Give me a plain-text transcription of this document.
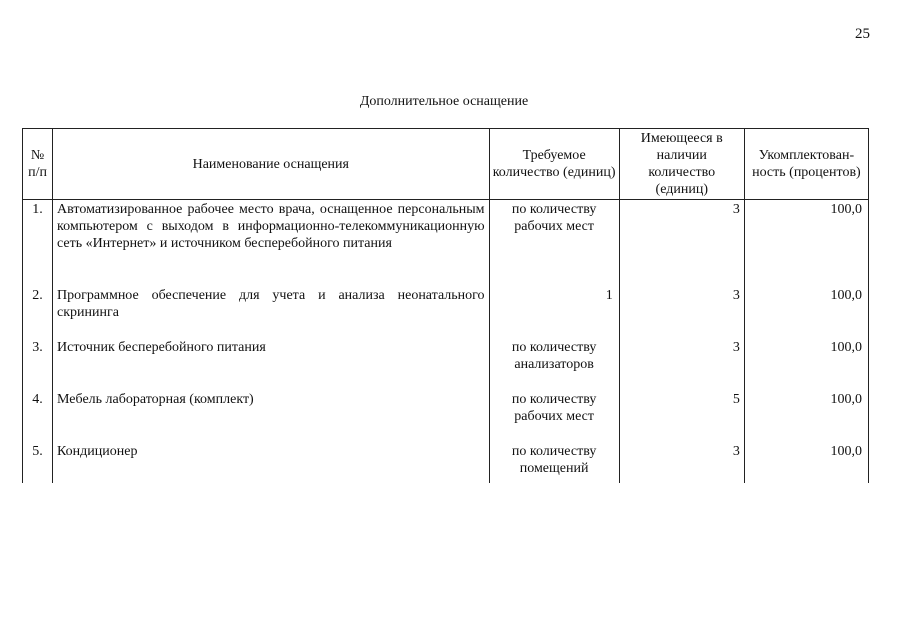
25
Дополнительное оснащение
№ п/п	Наименование оснащения	Требуемое количество (единиц)	Имеющееся в наличии количество (единиц)	Укомплектован-ность (процентов)
1.	Автоматизированное рабочее место врача, оснащенное персональным компьютером с выходом в информационно-телекоммуникационную сеть «Интернет» и источником бесперебойного питания	по количеству рабочих мест	3	100,0
2.	Программное обеспечение для учета и анализа неонатального скрининга	1	3	100,0
3.	Источник бесперебойного питания	по количеству анализаторов	3	100,0
4.	Мебель лабораторная (комплект)	по количеству рабочих мест	5	100,0
5.	Кондиционер	по количеству помещений	3	100,0
